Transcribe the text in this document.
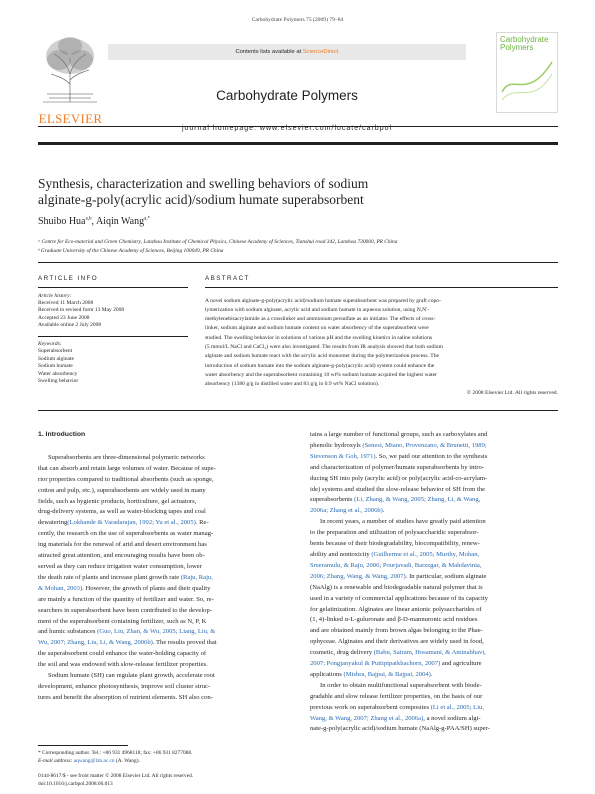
Carbohydrate Polymers 75 (2009) 79–84
ELSEVIER
Contents lists available at ScienceDirect
Carbohydrate Polymers
journal homepage: www.elsevier.com/locate/carbpol
Carbohydrate
Polymers
Synthesis, characterization and swelling behaviors of sodium
alginate-g-poly(acrylic acid)/sodium humate superabsorbent
Shuibo Hua$^{a,b}$, Aiqin Wang$^{a,*}$
ᵃ Centre for Eco-material and Green Chemistry, Lanzhou Institute of Chemical Physics, Chinese Academy of Sciences, Tianshui road 342, Lanzhou 730000, PR China
ᵇ Graduate University of the Chinese Academy of Sciences, Beijing 100049, PR China
ARTICLE INFO
Article history:
Received 11 March 2008
Received in revised form 13 May 2008
Accepted 23 June 2008
Available online 2 July 2008
Keywords:
Superabsorbent
Sodium alginate
Sodium humate
Water absorbency
Swelling behavior
ABSTRACT
A novel sodium alginate-g-poly(acrylic acid)/sodium humate superabsorbent was prepared by graft copo-
lymerization with sodium alginate, acrylic acid and sodium humate in aqueous solution, using N,N′-
methylenebisacrylamide as a crosslinker and ammonium persulfate as an initiator. The effects of cross-
linker, sodium alginate and sodium humate content on water absorbency of the superabsorbent were
studied. The swelling behavior in solutions of various pH and the swelling kinetics in saline solutions
(5 mmol/L NaCl and CaCl₂) were also investigated. The results from IR analysis showed that both sodium
alginate and sodium humate react with the acrylic acid monomer during the polymerization process. The
introduction of sodium humate into the sodium alginate-g-poly(acrylic acid) system could enhance the
water absorbency and the superabsorbent containing 10 wt% sodium humate acquired the highest water
absorbency (1380 g/g in distilled water and 83 g/g in 0.9 wt% NaCl solution).
© 2008 Elsevier Ltd. All rights reserved.
1. Introduction
Superabsorbents are three-dimensional polymeric networks
that can absorb and retain large volumes of water. Because of supe-
rior properties compared to traditional absorbents (such as sponge,
cotton and pulp, etc.), superabsorbents are widely used in many
fields, such as hygienic products, horticulture, gel actuators,
drug-delivery systems, as well as water-blocking tapes and coal
dewatering(Lokhande & Varadarajan, 1992; Yu et al., 2005). Re-
cently, the research on the use of superabsorbents as water manag-
ing materials for the renewal of arid and desert environment has
attracted great attention, and encouraging results have been ob-
served as they can reduce irrigation water consumption, lower
the death rate of plants and increase plant growth rate (Raju, Raju,
& Mohan, 2003). However, the growth of plants and their quality
are mainly a function of the quantity of fertilizer and water. So, re-
searchers in superabsorbent have been contributed to the develop-
ment of the superabsorbent containing fertilizer, such as N, P, K
and humic substances (Guo, Liu, Zhan, & Wu, 2005; Liang, Liu, &
Wu, 2007; Zhang, Liu, Li, & Wang, 2006b). The results proved that
the superabsorbent could enhance the water-holding capacity of
the soil and was endowed with slow-release fertilizer properties.
Sodium humate (SH) can regulate plant growth, accelerate root
development, enhance photosynthesis, improve soil cluster struc-
tures and benefit the absorption of nutrient elements. SH also con-
tains a large number of functional groups, such as carboxylates and
phenolic hydroxyls (Senesi, Miano, Provenzano, & Brunetti, 1989;
Stevenson & Goh, 1971). So, we paid our attention to the synthesis
and characterization of polymer/humate superabsorbents by intro-
ducing SH into poly (acrylic acid) or poly(acrylic acid-co-acrylam-
ide) systems and studied the slow-release behavior of SH from the
superabsorbents (Li, Zhang, & Wang, 2005; Zhang, Li, & Wang,
2006a; Zhang et al., 2006b).
In recent years, a number of studies have greatly paid attention
to the preparation and utilization of polysaccharidic superabsor-
bents because of their biodegradability, biocompatibility, renew-
ability and nontoxicity (Guilherme et al., 2005; Murthy, Mohan,
Sreeramulu, & Raju, 2006; Pourjavadi, Barzegar, & Mahdavinia,
2006; Zhang, Wang, & Wang, 2007). In particular, sodium alginate
(NaAlg) is a renewable and biodegradable natural polymer that is
used in a variety of commercial applications because of its capacity
for gelatinization. Alginates are linear anionic polysaccharides of
(1, 4)-linked α-L-guluronate and β-D-mannuronic acid residues
and are obtained mainly from brown algas belonging to the Phae-
ophyceae. Alginates and their derivatives are widely used in food,
cosmetic, drug delivery (Babu, Sairam, Hosamani, & Aminabhavi,
2007; Pongjanyakul & Puttipipatkhachorn, 2007) and agriculture
applications (Mishra, Bajpai, & Bajpai, 2004).
In order to obtain multifunctional superabsorbent with biode-
gradable and slow release fertilizer properties, on the basis of our
previous work on superabsorbent composites (Li et al., 2005; Liu,
Wang, & Wang, 2007; Zhang et al., 2006a), a novel sodium algi-
nate-g-poly(acrylic acid)/sodium humate (NaAlg-g-PAA/SH) super-
* Corresponding author. Tel.: +86 931 4968118; fax: +86 931 8277088.
E-mail address: aqwang@lzb.ac.cn (A. Wang).
0144-8617/$ - see front matter © 2008 Elsevier Ltd. All rights reserved.
doi:10.1016/j.carbpol.2008.06.013
